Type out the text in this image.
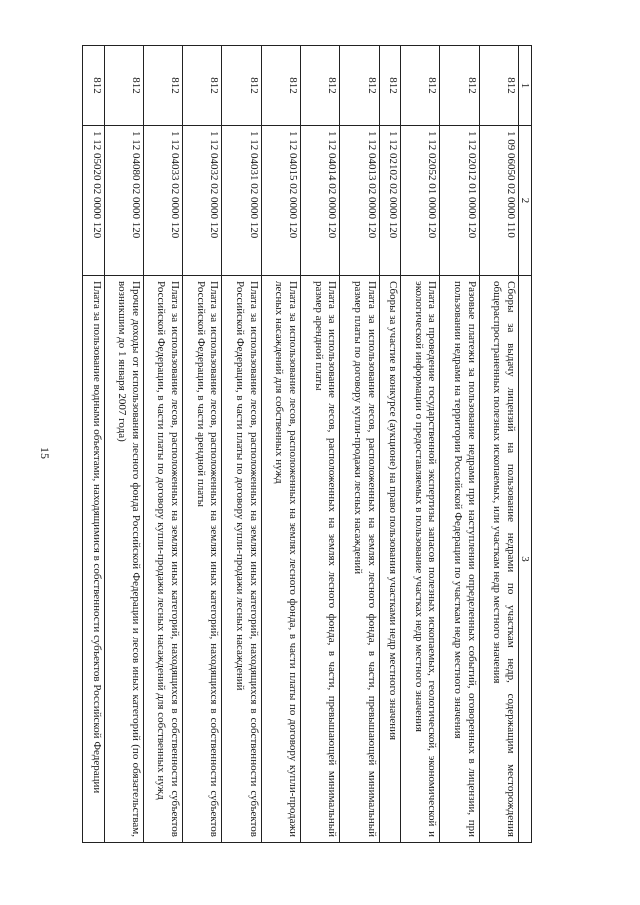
15
1	2	3
812	1 09 06050 02 0000 110	Сборы за выдачу лицензий на пользование недрами по участкам недр, содержащим месторождения общераспространенных полезных ископаемых, или участкам недр местного значения
812	1 12 02012 01 0000 120	Разовые платежи за пользование недрами при наступлении определенных событий, оговоренных в лицензии, при пользовании недрами на территории Российской Федерации по участкам недр местного значения
812	1 12 02052 01 0000 120	Плата за проведение государственной экспертизы запасов полезных ископаемых, геологической, экономической и экологической информации о предоставляемых в пользование участках недр местного значения
812	1 12 02102 02 0000 120	Сборы за участие в конкурсе (аукционе) на право пользования участками недр местного значения
812	1 12 04013 02 0000 120	Плата за использование лесов, расположенных на землях лесного фонда, в части, превышающей минимальный размер платы по договору купли-продажи лесных насаждений
812	1 12 04014 02 0000 120	Плата за использование лесов, расположенных на землях лесного фонда, в части, превышающей минимальный размер арендной платы
812	1 12 04015 02 0000 120	Плата за использование лесов, расположенных на землях лесного фонда, в части платы по договору купли-продажи лесных насаждений для собственных нужд
812	1 12 04031 02 0000 120	Плата за использование лесов, расположенных на землях иных категорий, находящихся в собственности субъектов Российской Федерации, в части платы по договору купли-продажи лесных насаждений
812	1 12 04032 02 0000 120	Плата за использование лесов, расположенных на землях иных категорий, находящихся в собственности субъектов Российской Федерации, в части арендной платы
812	1 12 04033 02 0000 120	Плата за использование лесов, расположенных на землях иных категорий, находящихся в собственности субъектов Российской Федерации, в части платы по договору купли-продажи лесных насаждений для собственных нужд
812	1 12 04080 02 0000 120	Прочие доходы от использования лесного фонда Российской Федерации и лесов иных категорий (по обязательствам, возникшим до 1 января 2007 года)
812	1 12 05020 02 0000 120	Плата за пользование водными объектами, находящимися в собственности субъектов Российской Федерации
